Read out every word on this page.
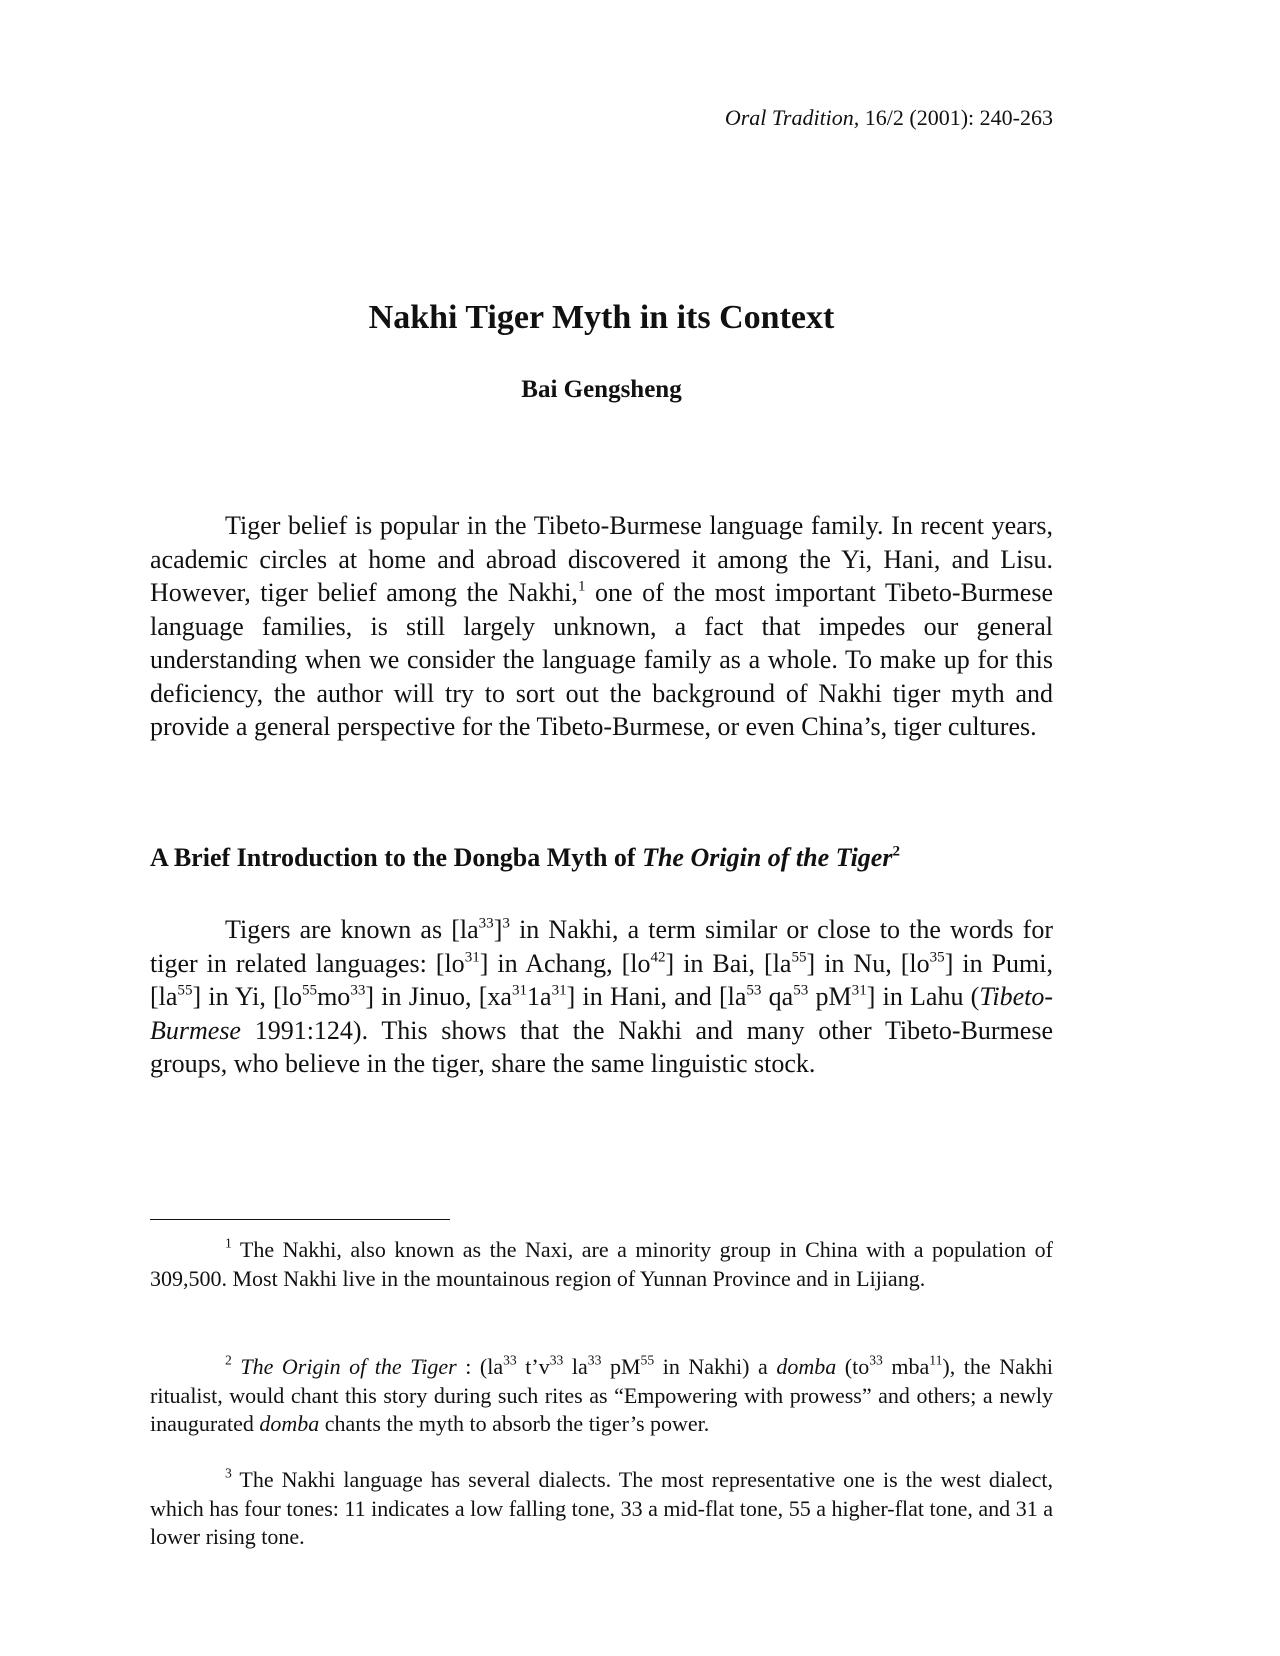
Oral Tradition, 16/2 (2001): 240-263
Nakhi Tiger Myth in its Context
Bai Gengsheng

Tiger belief is popular in the Tibeto-Burmese language family. In recent years, academic circles at home and abroad discovered it among the Yi, Hani, and Lisu. However, tiger belief among the Nakhi,$^1$ one of the most important Tibeto-Burmese language families, is still largely unknown, a fact that impedes our general understanding when we consider the language family as a whole. To make up for this deficiency, the author will try to sort out the background of Nakhi tiger myth and provide a general perspective for the Tibeto-Burmese, or even China’s, tiger cultures.

A Brief Introduction to the Dongba Myth of The Origin of the Tiger$^2$

Tigers are known as $[la^{33}]^3$ in Nakhi, a term similar or close to the words for tiger in related languages: $[lo^{31}]$ in Achang, $[lo^{42}]$ in Bai, $[la^{55}]$ in Nu, $[lo^{35}]$ in Pumi, $[la^{55}]$ in Yi, $[lo^{55}mo^{33}]$ in Jinuo, $[xa^{31}1a^{31}]$ in Hani, and [$la^{53}$ $qa^{53}$ $pM^{31}$] in Lahu (Tibeto-Burmese 1991:124). This shows that the Nakhi and many other Tibeto-Burmese groups, who believe in the tiger, share the same linguistic stock.

$^1$ The Nakhi, also known as the Naxi, are a minority group in China with a population of 309,500. Most Nakhi live in the mountainous region of Yunnan Province and in Lijiang.

$^2$ The Origin of the Tiger : ($la^{33}$ $t’v^{33}$ $la^{33}$ $pM^{55}$ in Nakhi) a domba ($to^{33}$ mba$^{11}$), the Nakhi ritualist, would chant this story during such rites as “Empowering with prowess” and others; a newly inaugurated domba chants the myth to absorb the tiger’s power.

$^3$ The Nakhi language has several dialects. The most representative one is the west dialect, which has four tones: 11 indicates a low falling tone, 33 a mid-flat tone, 55 a higher-flat tone, and 31 a lower rising tone.
